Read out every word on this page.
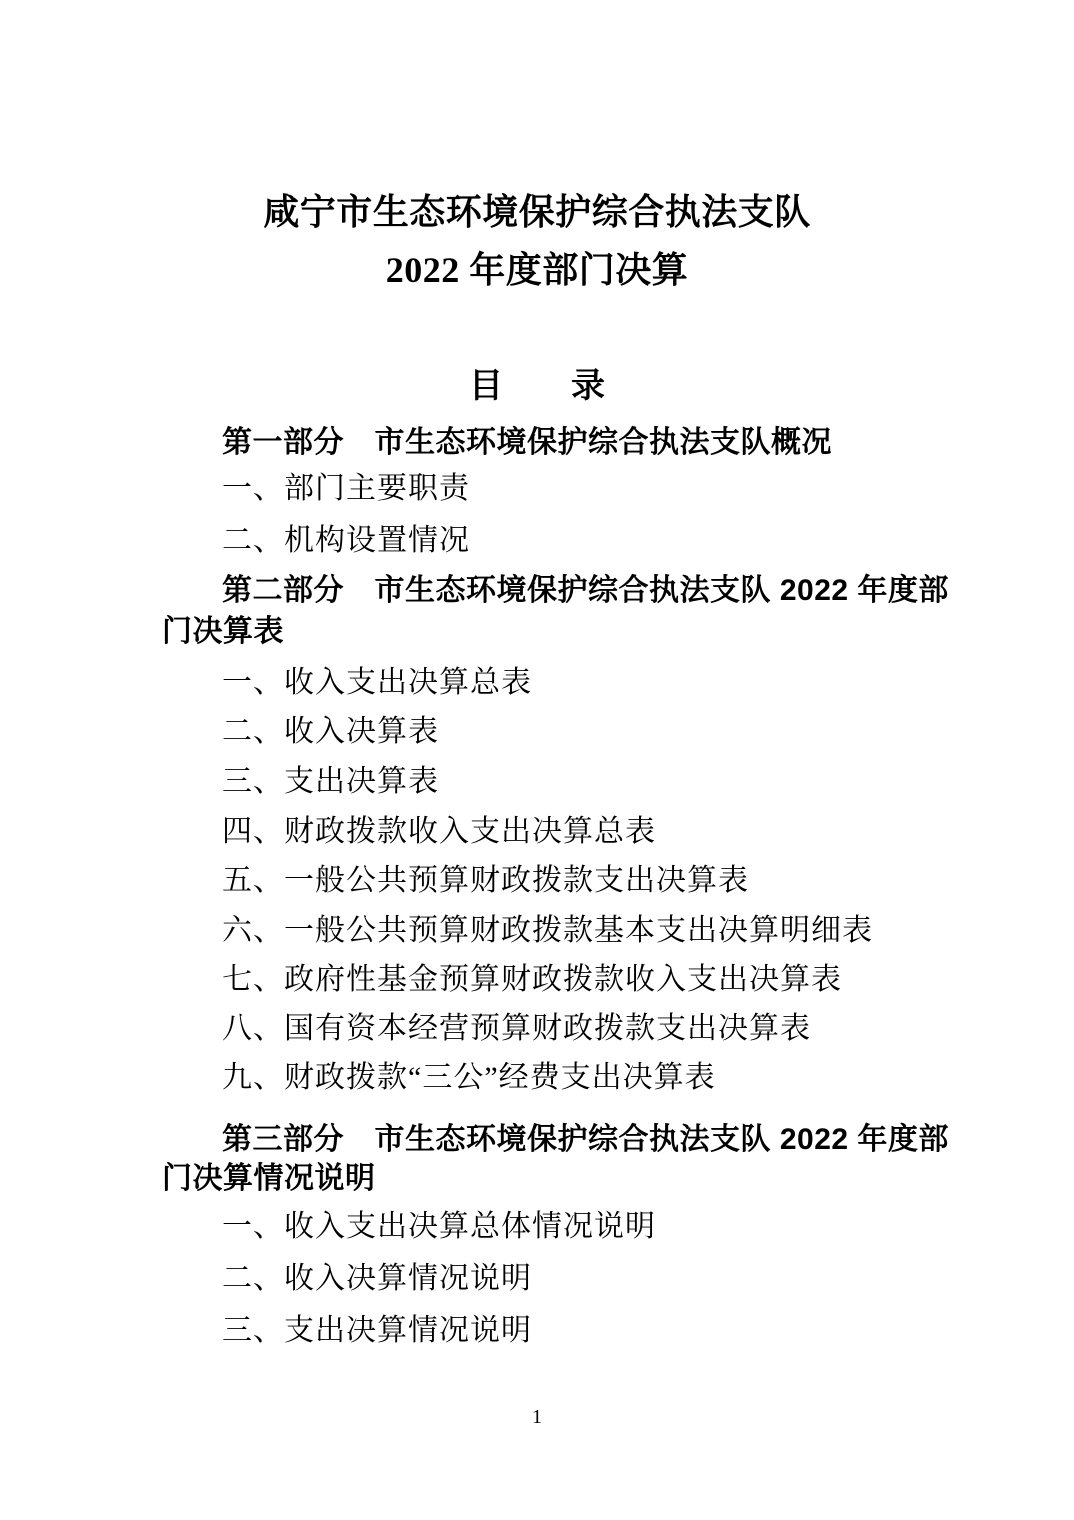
咸宁市生态环境保护综合执法支队
2022 年度部门决算
目　　录
第一部分　市生态环境保护综合执法支队概况
一、部门主要职责
二、机构设置情况
第二部分　市生态环境保护综合执法支队 2022 年度部
门决算表
一、收入支出决算总表
二、收入决算表
三、支出决算表
四、财政拨款收入支出决算总表
五、一般公共预算财政拨款支出决算表
六、一般公共预算财政拨款基本支出决算明细表
七、政府性基金预算财政拨款收入支出决算表
八、国有资本经营预算财政拨款支出决算表
九、财政拨款“三公”经费支出决算表
第三部分　市生态环境保护综合执法支队 2022 年度部
门决算情况说明
一、收入支出决算总体情况说明
二、收入决算情况说明
三、支出决算情况说明
1
